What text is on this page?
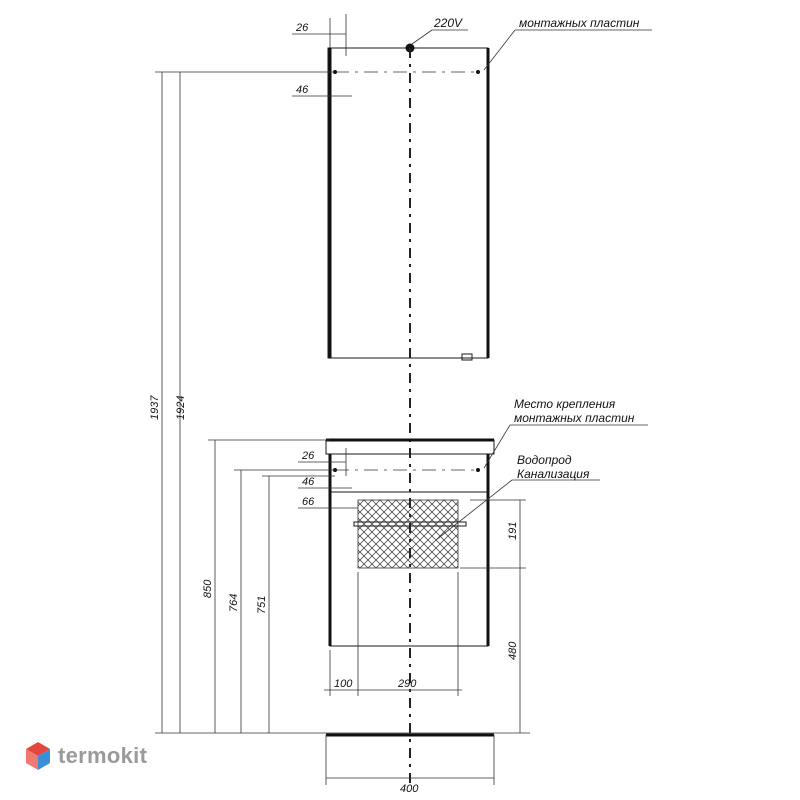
26
46
220V	монтажных пластин
Место крепления
монтажных пластин
Водопрод
Канализация
26
46
66
191
480
100	290
1937 1924
850
764 751
400
termokit
